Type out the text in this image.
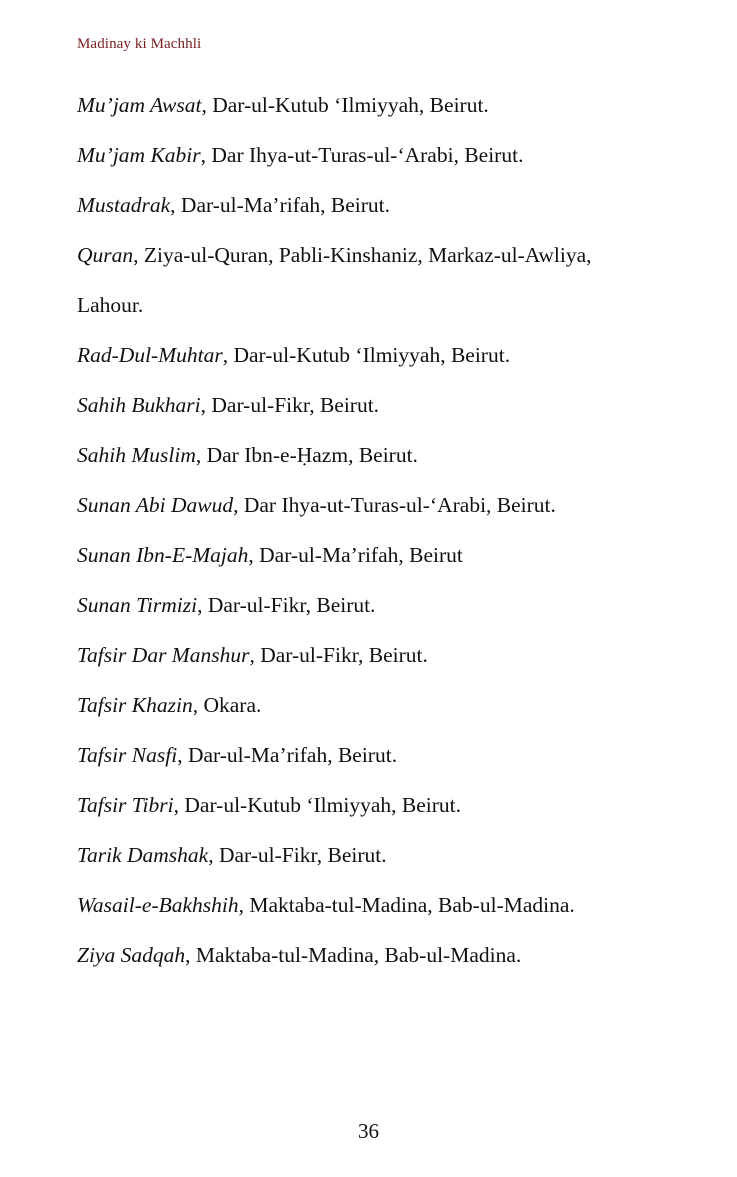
Madinay ki Machhli
Mu’jam Awsat, Dar-ul-Kutub ‘Ilmiyyah, Beirut.
Mu’jam Kabir, Dar Ihya-ut-Turas-ul-‘Arabi, Beirut.
Mustadrak, Dar-ul-Ma’rifah, Beirut.
Quran, Ziya-ul-Quran, Pabli-Kinshaniz, Markaz-ul-Awliya,
Lahour.
Rad-Dul-Muhtar, Dar-ul-Kutub ‘Ilmiyyah, Beirut.
Sahih Bukhari, Dar-ul-Fikr, Beirut.
Sahih Muslim, Dar Ibn-e-Ḥazm, Beirut.
Sunan Abi Dawud, Dar Ihya-ut-Turas-ul-‘Arabi, Beirut.
Sunan Ibn-E-Majah, Dar-ul-Ma’rifah, Beirut
Sunan Tirmizi, Dar-ul-Fikr, Beirut.
Tafsir Dar Manshur, Dar-ul-Fikr, Beirut.
Tafsir Khazin, Okara.
Tafsir Nasfi, Dar-ul-Ma’rifah, Beirut.
Tafsir Tibri, Dar-ul-Kutub ‘Ilmiyyah, Beirut.
Tarik Damshak, Dar-ul-Fikr, Beirut.
Wasail-e-Bakhshih, Maktaba-tul-Madina, Bab-ul-Madina.
Ziya Sadqah, Maktaba-tul-Madina, Bab-ul-Madina.
36
